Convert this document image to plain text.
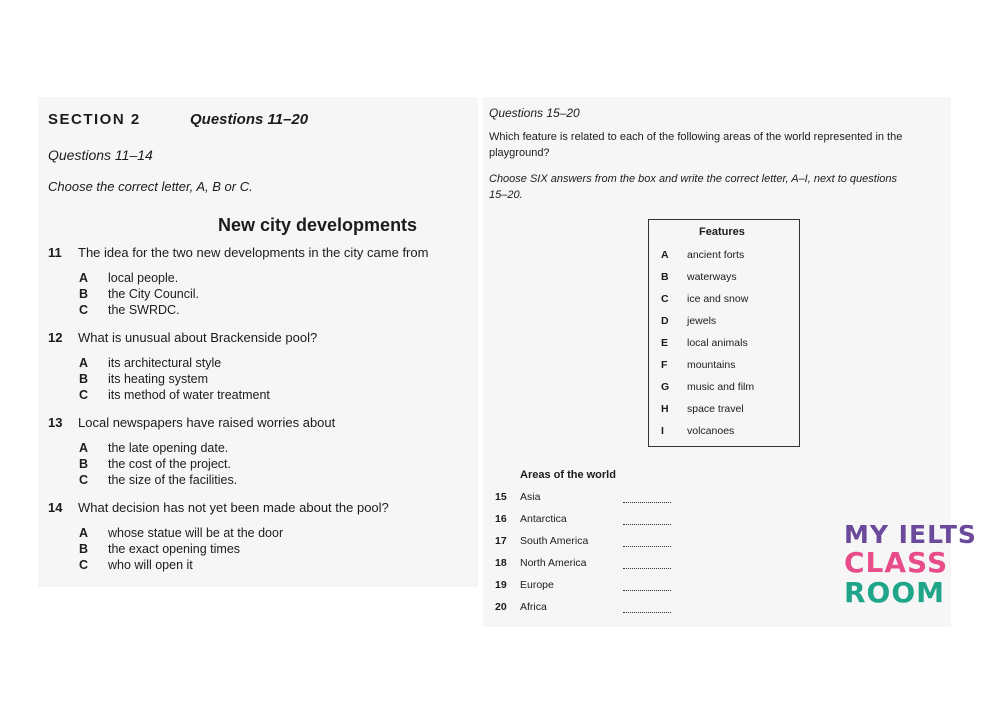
SECTION 2	Questions 11–20
Questions 11–14
Choose the correct letter, A, B or C.
New city developments
11 The idea for the two new developments in the city came from
A local people.
B the City Council.
C the SWRDC.
12 What is unusual about Brackenside pool?
A its architectural style
B its heating system
C its method of water treatment
13 Local newspapers have raised worries about
A the late opening date.
B the cost of the project.
C the size of the facilities.
14 What decision has not yet been made about the pool?
A whose statue will be at the door
B the exact opening times
C who will open it
Questions 15–20
Which feature is related to each of the following areas of the world represented in the
playground?
Choose SIX answers from the box and write the correct letter, A–I, next to questions
15–20.
Features
A ancient forts
B waterways
C ice and snow
D jewels
E local animals
F mountains
G music and film
H space travel
I volcanoes
Areas of the world
15 Asia
16 Antarctica
17 South America
18 North America
19 Europe
20 Africa
MY IELTS
CLASS
ROOM
